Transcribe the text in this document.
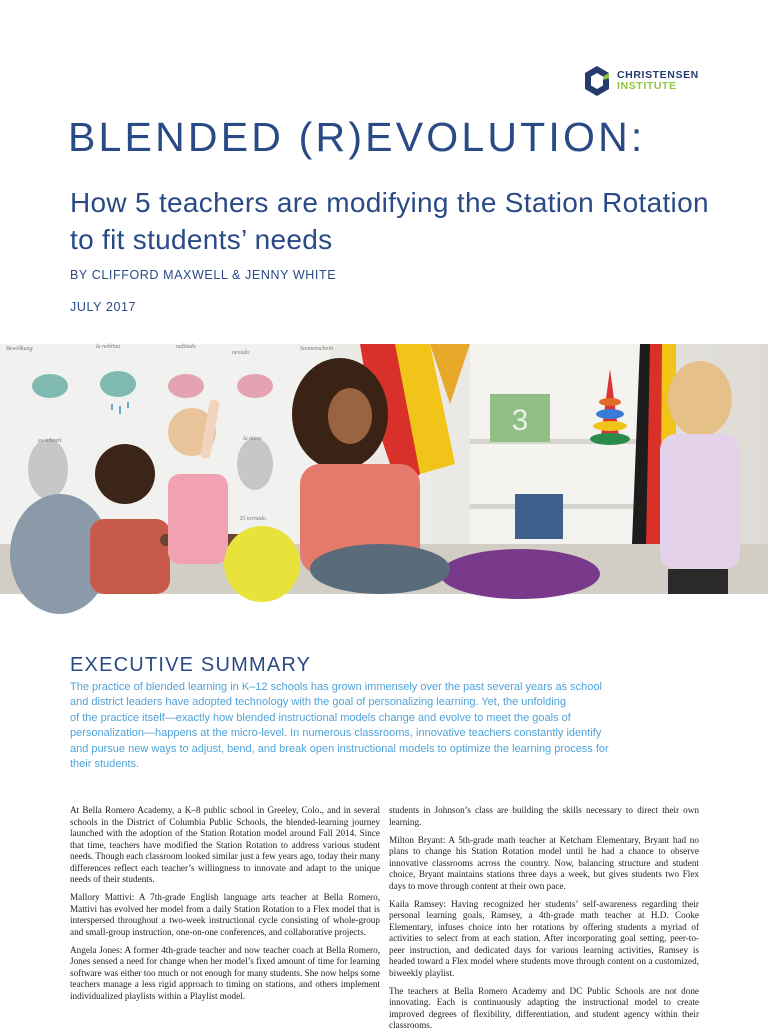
CHRISTENSEN
INSTITUTE
BLENDED (R)EVOLUTION:
How 5 teachers are modifying the Station Rotation to fit students’ needs

BY CLIFFORD MAXWELL & JENNY WHITE

JULY 2017

Bewölkung	la neblina	nublado
nevado
Sonnenschein
es schneit	la nieve
El tornado
3
EXECUTIVE SUMMARY

The practice of blended learning in K–12 schools has grown immensely over the past several years as school
and district leaders have adopted technology with the goal of personalizing learning. Yet, the unfolding
of the practice itself—exactly how blended instructional models change and evolve to meet the goals of
personalization—happens at the micro-level. In numerous classrooms, innovative teachers constantly identify
and pursue new ways to adjust, bend, and break open instructional models to optimize the learning process for
their students.

At Bella Romero Academy, a K–8 public school in Greeley, Colo., and in several schools in the District of Columbia Public Schools, the blended-learning journey launched with the adoption of the Station Rotation model around Fall 2014. Since that time, teachers have modified the Station Rotation to address various student needs. Though each classroom looked similar just a few years ago, today their many differences reflect each teacher’s willingness to innovate and adapt to the unique needs of their students.

Mallory Mattivi: A 7th-grade English language arts teacher at Bella Romero, Mattivi has evolved her model from a daily Station Rotation to a Flex model that is interspersed throughout a two-week instructional cycle consisting of whole-group and small-group instruction, one-on-one conferences, and collaborative projects.

Angela Jones: A former 4th-grade teacher and now teacher coach at Bella Romero, Jones sensed a need for change when her model’s fixed amount of time for learning software was either too much or not enough for many students. She now helps some teachers manage a less rigid approach to timing on stations, and others implement individualized playlists within a Playlist model.

students in Johnson’s class are building the skills necessary to direct their own learning.

Milton Bryant: A 5th-grade math teacher at Ketcham Elementary, Bryant had no plans to change his Station Rotation model until he had a chance to observe innovative classrooms across the country. Now, balancing structure and student choice, Bryant maintains stations three days a week, but gives students two Flex days to move through content at their own pace.

Kaila Ramsey: Having recognized her students’ self-awareness regarding their personal learning goals, Ramsey, a 4th-grade math teacher at H.D. Cooke Elementary, infuses choice into her rotations by offering students a myriad of activities to select from at each station. After incorporating goal setting, peer-to-peer instruction, and dedicated days for various learning activities, Ramsey is headed toward a Flex model where students move through content on a customized, biweekly playlist.

The teachers at Bella Romero Academy and DC Public Schools are not done innovating. Each is continuously adapting the instructional model to create improved degrees of flexibility, differentiation, and student agency within their classrooms.
